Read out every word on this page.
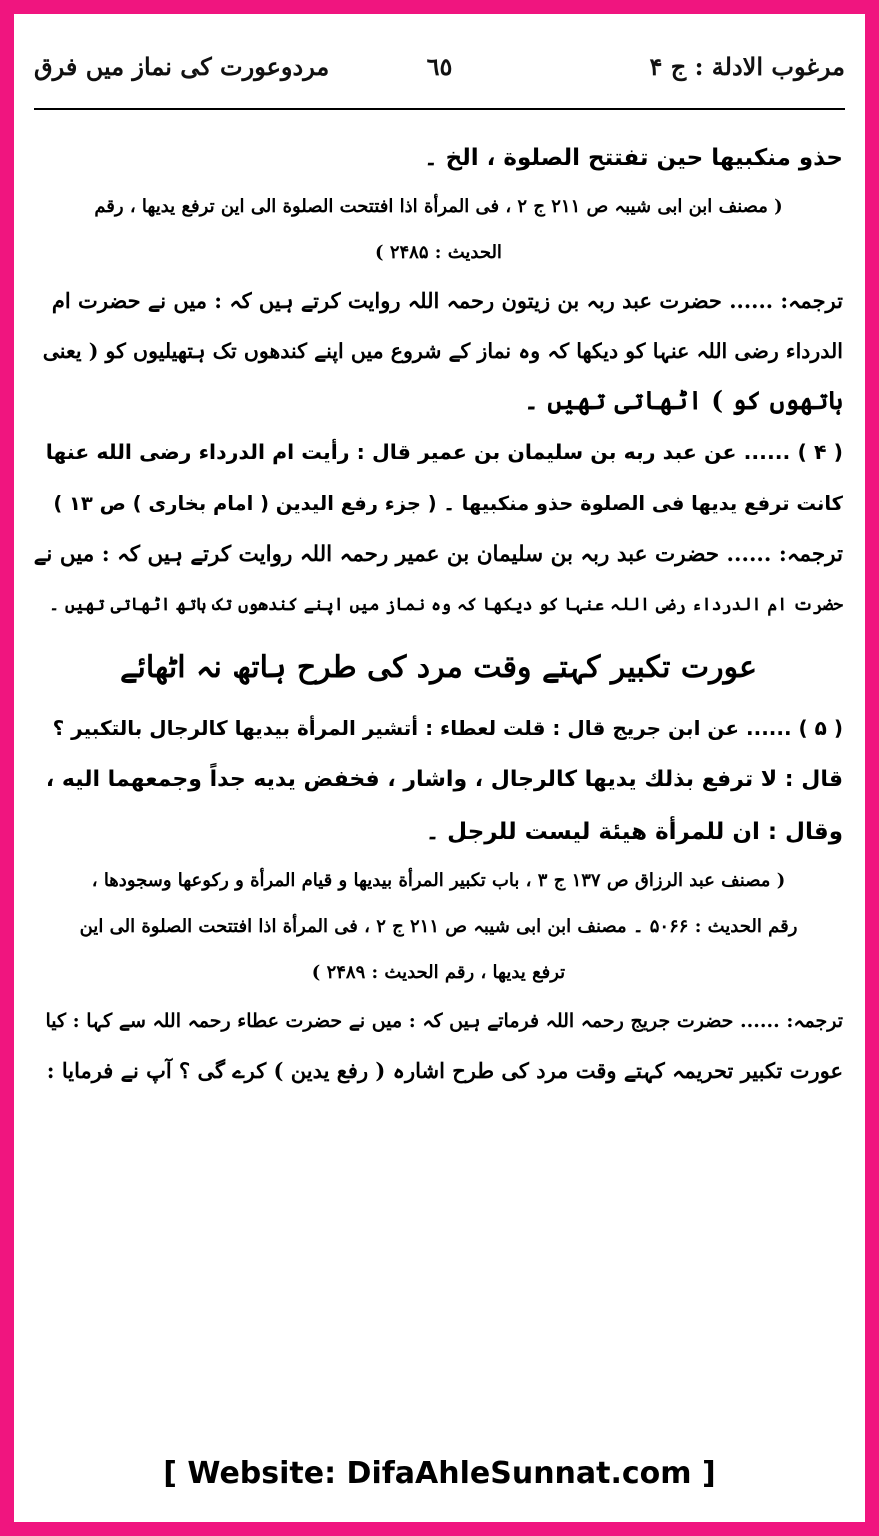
مرغوب الادلة : ج ۴
٦٥
مردوعورت کی نماز میں فرق
حذو منكبيها حين تفتتح الصلوة ، الخ ۔
( مصنف ابن ابی شیبہ ص ۲۱۱ ج ۲ ، فی المرأة اذا افتتحت الصلوة الی این ترفع یدیھا ، رقم
الحدیث : ۲۴۸۵ )
ترجمہ: ...... حضرت عبد ربہ بن زیتون رحمہ اللہ روایت کرتے ہیں کہ : میں نے حضرت ام
الدرداء رضی اللہ عنہا کو دیکھا کہ وہ نماز کے شروع میں اپنے کندھوں تک ہتھیلیوں کو ( یعنی
ہاتھوں کو ) اٹھاتی تھیں ۔
( ۴ ) ...... عن عبد ربه بن سليمان بن عمير قال : رأيت ام الدرداء رضى الله عنها
كانت ترفع يديها فى الصلوة حذو منكبيها ۔ ( جزء رفع اليدين ( امام بخاری ) ص ۱۳ )
ترجمہ: ...... حضرت عبد ربہ بن سلیمان بن عمیر رحمہ اللہ روایت کرتے ہیں کہ : میں نے
حضرت ام الدرداء رضی اللہ عنہا کو دیکھا کہ وہ نماز میں اپنے کندھوں تک ہاتھ اٹھاتی تھیں ۔
عورت تکبیر کہتے وقت مرد کی طرح ہاتھ نہ اٹھائے
( ۵ ) ...... عن ابن جريج قال : قلت لعطاء : أتشير المرأة بيديها كالرجال بالتكبير ؟
قال : لا ترفع بذلك يديها كالرجال ، واشار ، فخفض يديه جداً وجمعهما اليه ،
وقال : ان للمرأة هيئة ليست للرجل ۔
( مصنف عبد الرزاق ص ۱۳۷ ج ۳ ، باب تکبیر المرأة بیدیها و قیام المرأة و رکوعها وسجودها ،
رقم الحدیث : ۵۰۶۶ ۔ مصنف ابن ابی شیبہ ص ۲۱۱ ج ۲ ، فی المرأة اذا افتتحت الصلوة الی این
ترفع یدیها ، رقم الحدیث : ۲۴۸۹ )
ترجمہ: ...... حضرت جریج رحمہ اللہ فرماتے ہیں کہ : میں نے حضرت عطاء رحمہ اللہ سے کہا : کیا
عورت تکبیر تحریمہ کہتے وقت مرد کی طرح اشارہ ( رفع یدین ) کرے گی ؟ آپ نے فرمایا :
[ Website: DifaAhleSunnat.com ]
